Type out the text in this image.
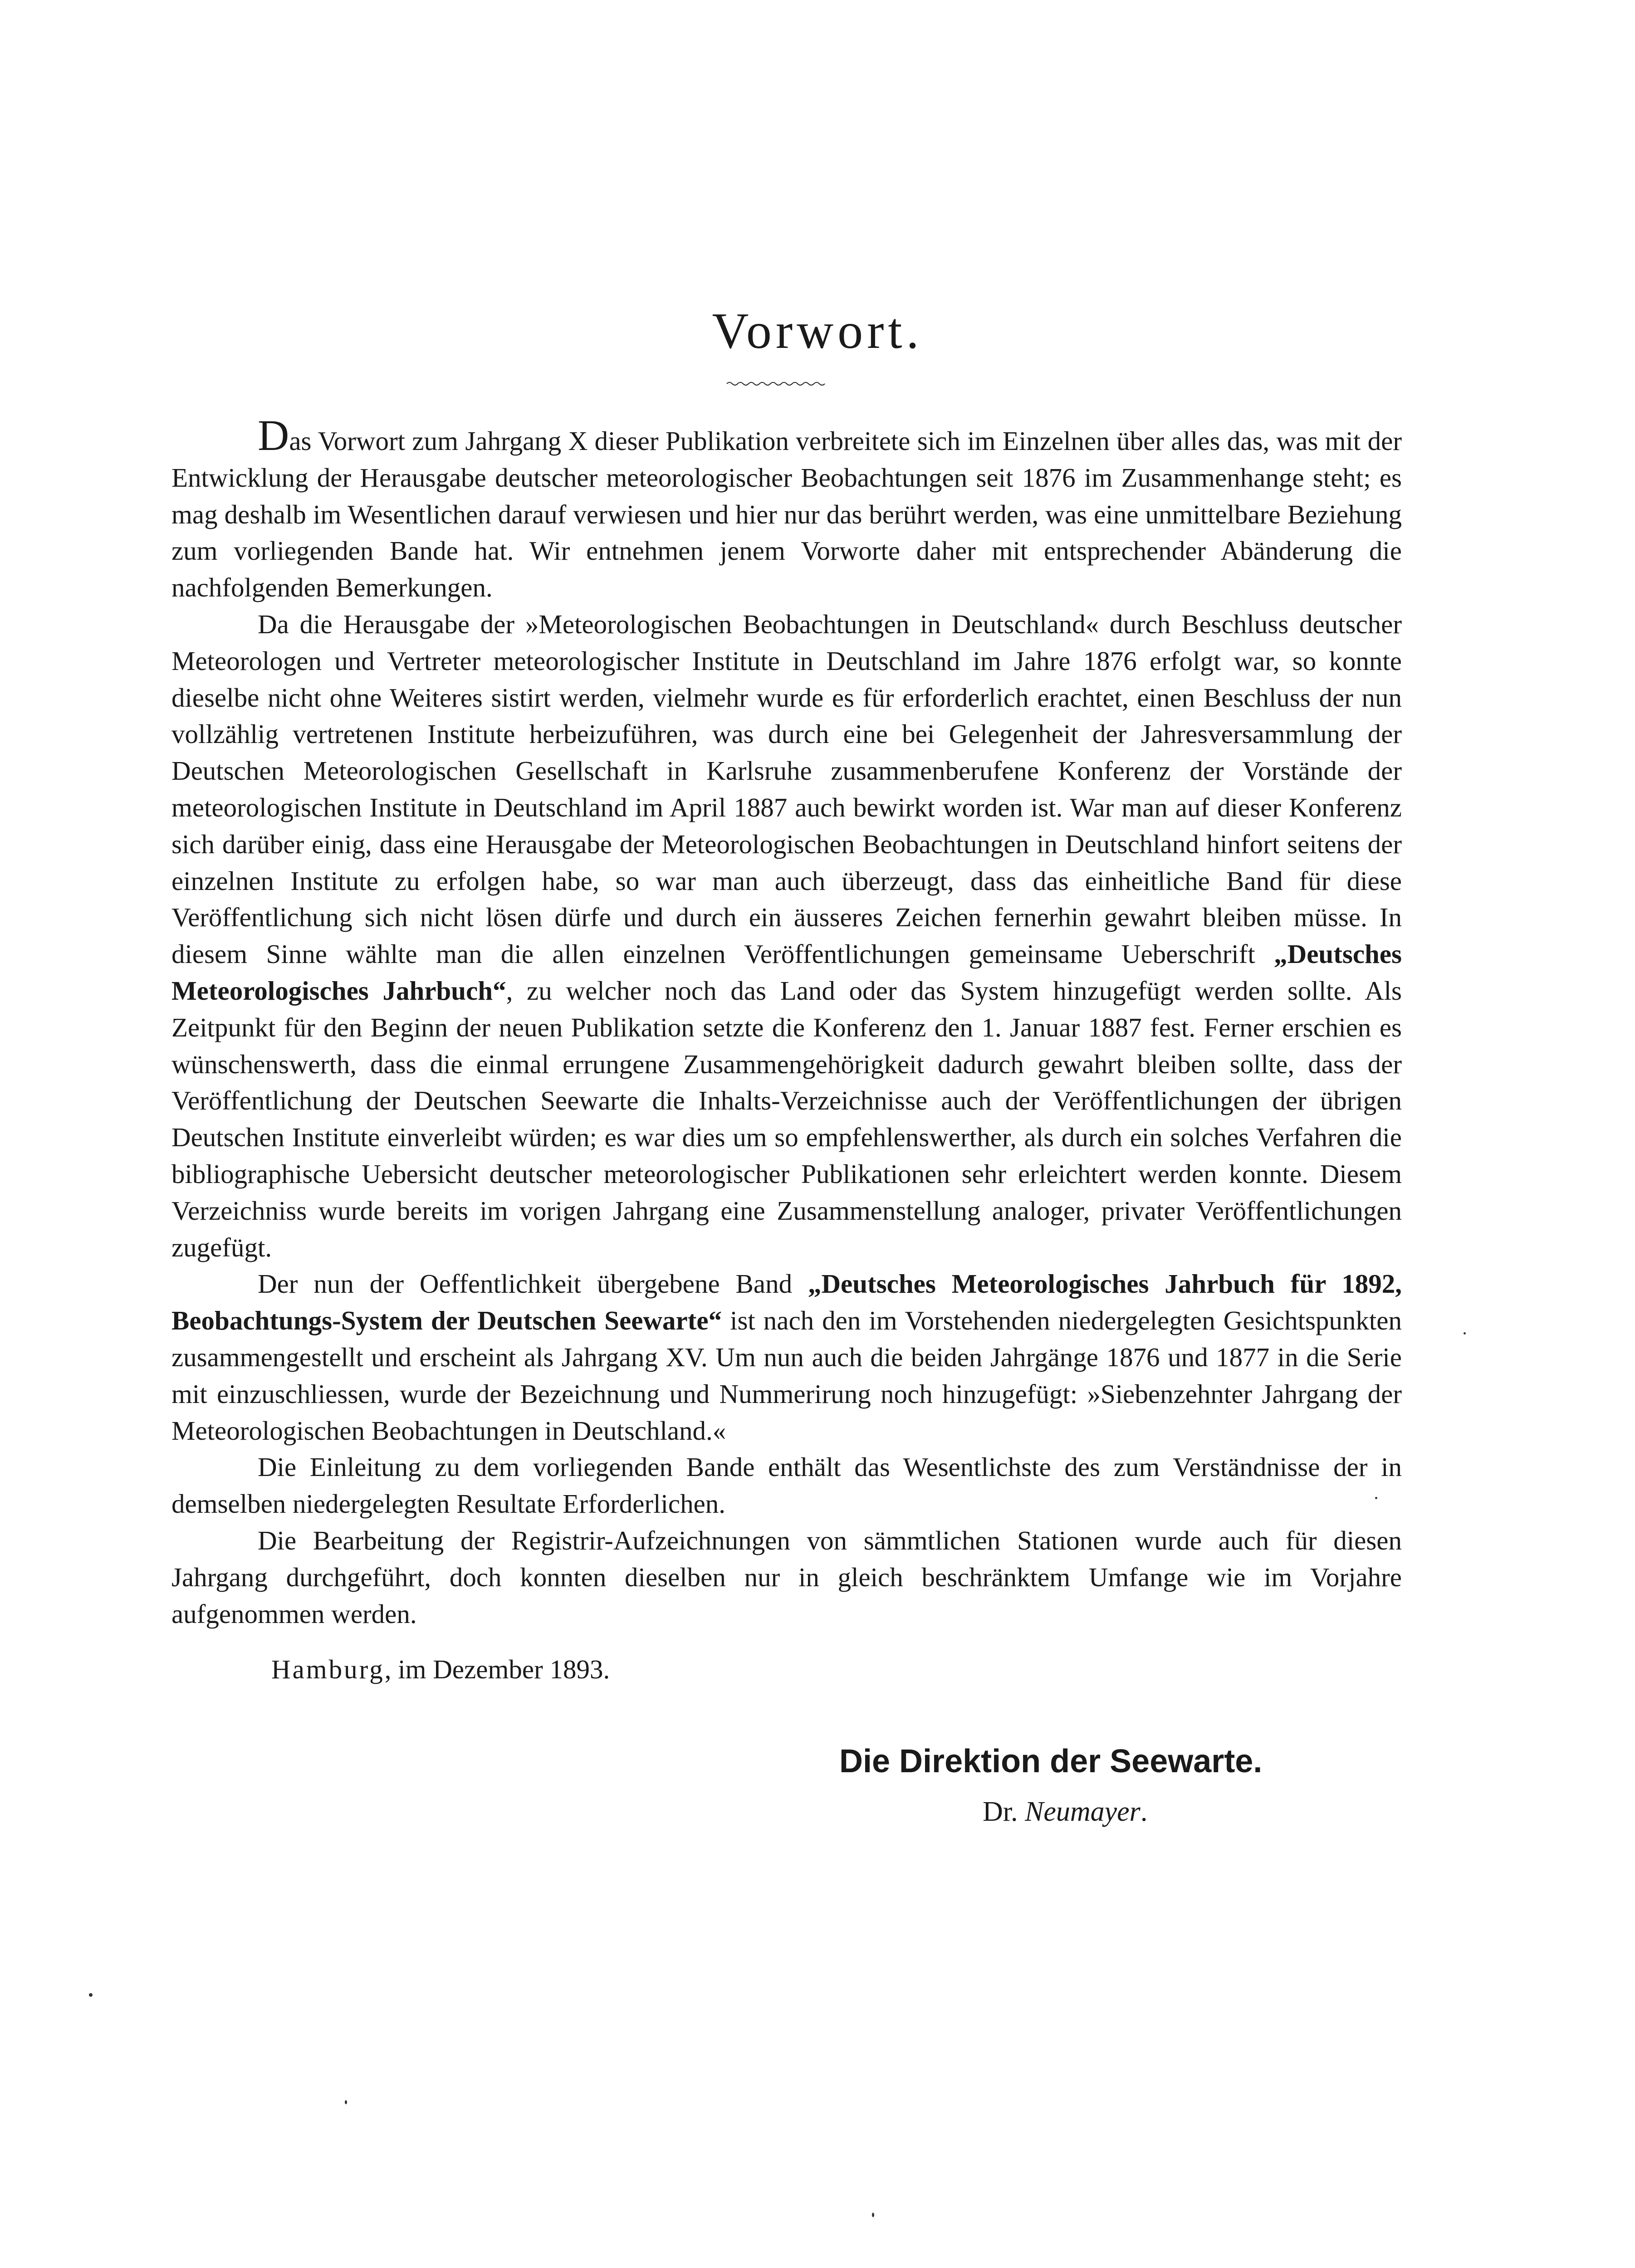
Vorwort.

Das Vorwort zum Jahrgang X dieser Publikation verbreitete sich im Einzelnen über alles das, was mit der Entwicklung der Herausgabe deutscher meteorologischer Beobachtungen seit 1876 im Zusammenhange steht; es mag deshalb im Wesentlichen darauf verwiesen und hier nur das berührt werden, was eine unmittelbare Beziehung zum vorliegenden Bande hat. Wir entnehmen jenem Vorworte daher mit entsprechender Abänderung die nachfolgenden Bemerkungen.

Da die Herausgabe der »Meteorologischen Beobachtungen in Deutschland« durch Beschluss deutscher Meteorologen und Vertreter meteorologischer Institute in Deutschland im Jahre 1876 erfolgt war, so konnte dieselbe nicht ohne Weiteres sistirt werden, vielmehr wurde es für erforderlich erachtet, einen Beschluss der nun vollzählig vertretenen Institute herbeizuführen, was durch eine bei Gelegenheit der Jahresversammlung der Deutschen Meteorologischen Gesellschaft in Karlsruhe zusammenberufene Konferenz der Vorstände der meteorologischen Institute in Deutschland im April 1887 auch bewirkt worden ist. War man auf dieser Konferenz sich darüber einig, dass eine Herausgabe der Meteorologischen Beobachtungen in Deutschland hinfort seitens der einzelnen Institute zu erfolgen habe, so war man auch überzeugt, dass das einheitliche Band für diese Veröffentlichung sich nicht lösen dürfe und durch ein äusseres Zeichen fernerhin gewahrt bleiben müsse. In diesem Sinne wählte man die allen einzelnen Veröffentlichungen gemeinsame Ueberschrift „Deutsches Meteorologisches Jahrbuch“, zu welcher noch das Land oder das System hinzugefügt werden sollte. Als Zeitpunkt für den Beginn der neuen Publikation setzte die Konferenz den 1. Januar 1887 fest. Ferner erschien es wünschenswerth, dass die einmal errungene Zusammengehörigkeit dadurch gewahrt bleiben sollte, dass der Veröffentlichung der Deutschen Seewarte die Inhalts-Verzeichnisse auch der Veröffentlichungen der übrigen Deutschen Institute einverleibt würden; es war dies um so empfehlenswerther, als durch ein solches Verfahren die bibliographische Uebersicht deutscher meteorologischer Publikationen sehr erleichtert werden konnte. Diesem Verzeichniss wurde bereits im vorigen Jahrgang eine Zusammenstellung analoger, privater Veröffentlichungen zugefügt.

Der nun der Oeffentlichkeit übergebene Band „Deutsches Meteorologisches Jahrbuch für 1892, Beobachtungs-System der Deutschen Seewarte“ ist nach den im Vorstehenden niedergelegten Gesichtspunkten zusammengestellt und erscheint als Jahrgang XV. Um nun auch die beiden Jahrgänge 1876 und 1877 in die Serie mit einzuschliessen, wurde der Bezeichnung und Nummerirung noch hinzugefügt: »Siebenzehnter Jahrgang der Meteorologischen Beobachtungen in Deutschland.«

Die Einleitung zu dem vorliegenden Bande enthält das Wesentlichste des zum Verständnisse der in demselben niedergelegten Resultate Erforderlichen.

Die Bearbeitung der Registrir-Aufzeichnungen von sämmtlichen Stationen wurde auch für diesen Jahrgang durchgeführt, doch konnten dieselben nur in gleich beschränktem Umfange wie im Vorjahre aufgenommen werden.

Hamburg, im Dezember 1893.
Die Direktion der Seewarte.
Dr. Neumayer.
